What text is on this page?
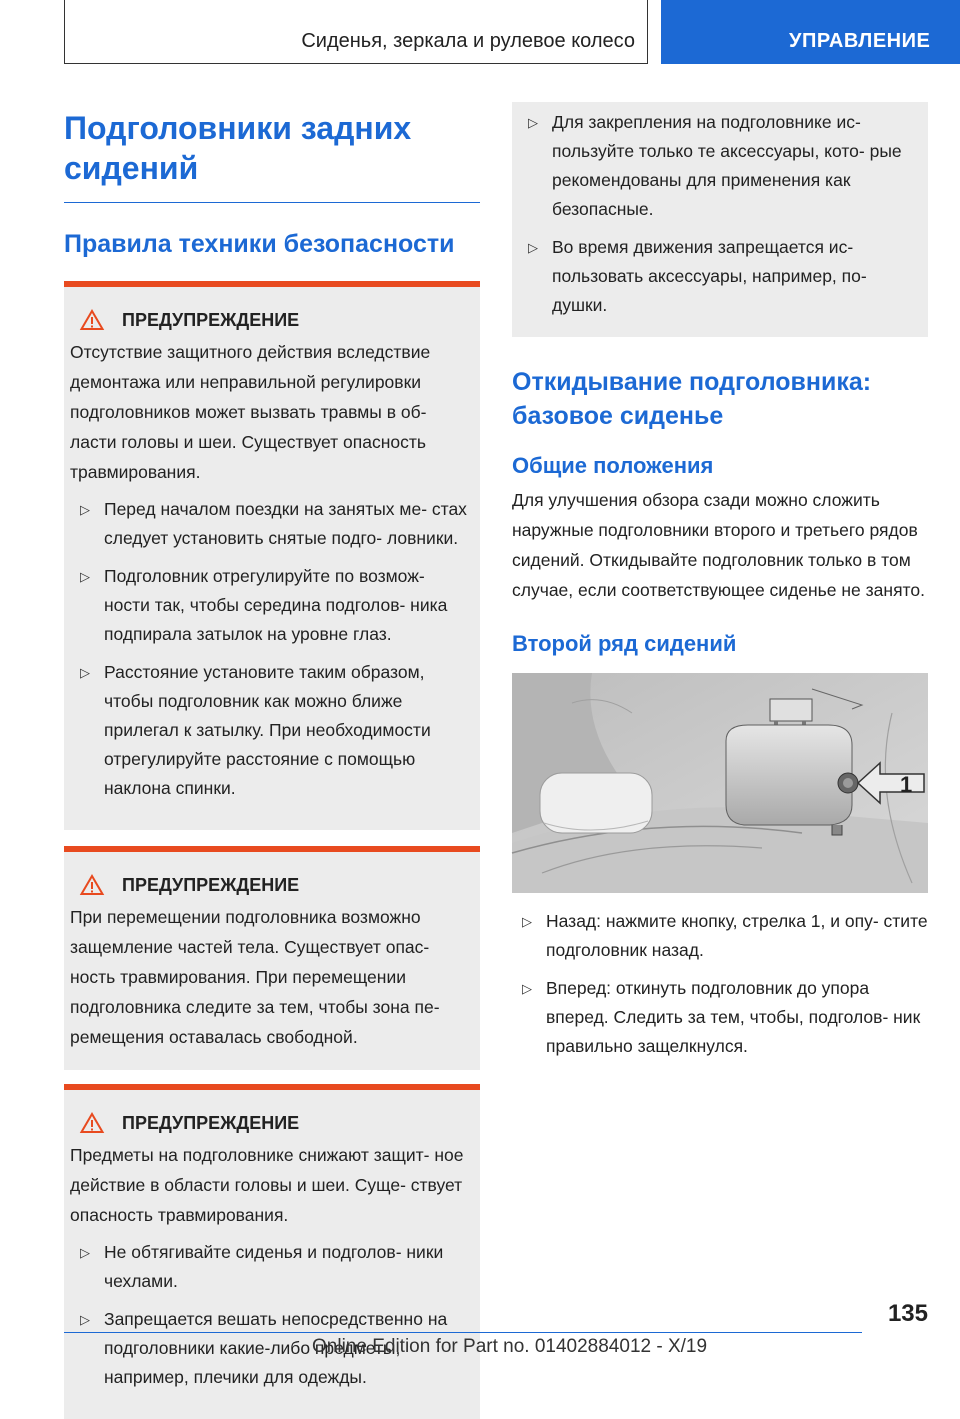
Сиденья, зеркала и рулевое колесо	УПРАВЛЕНИЕ
Подголовники задних сидений
Правила техники безопасности
ПРЕДУПРЕЖДЕНИЕ

Отсутствие защитного действия вследствие демонтажа или неправильной регулировки подголовников может вызвать травмы в об- ласти головы и шеи. Существует опасность травмирования.

▷ Перед началом поездки на занятых ме- стах следует установить снятые подго- ловники.
▷ Подголовник отрегулируйте по возмож- ности так, чтобы середина подголов- ника подпирала затылок на уровне глаз.
▷ Расстояние установите таким образом, чтобы подголовник как можно ближе прилегал к затылку. При необходимости отрегулируйте расстояние с помощью наклона спинки.
ПРЕДУПРЕЖДЕНИЕ

При перемещении подголовника возможно защемление частей тела. Существует опас- ность травмирования. При перемещении подголовника следите за тем, чтобы зона пе- ремещения оставалась свободной.

ПРЕДУПРЕЖДЕНИЕ

Предметы на подголовнике снижают защит- ное действие в области головы и шеи. Суще- ствует опасность травмирования.

▷ Не обтягивайте сиденья и подголов- ники чехлами.
▷ Запрещается вешать непосредственно на подголовники какие-либо предметы, например, плечики для одежды.
▷ Для закрепления на подголовнике ис- пользуйте только те аксессуары, кото- рые рекомендованы для применения как безопасные.
▷ Во время движения запрещается ис- пользовать аксессуары, например, по- душки.
Откидывание подголовника: базовое сиденье
Общие положения

Для улучшения обзора сзади можно сложить наружные подголовники второго и третьего рядов сидений. Откидывайте подголовник только в том случае, если соответствующее сиденье не занято.

Второй ряд сидений
1
▷ Назад: нажмите кнопку, стрелка 1, и опу- стите подголовник назад.
▷ Вперед: откинуть подголовник до упора вперед. Следить за тем, чтобы, подголов- ник правильно защелкнулся.
135
Online Edition for Part no. 01402884012 - X/19
